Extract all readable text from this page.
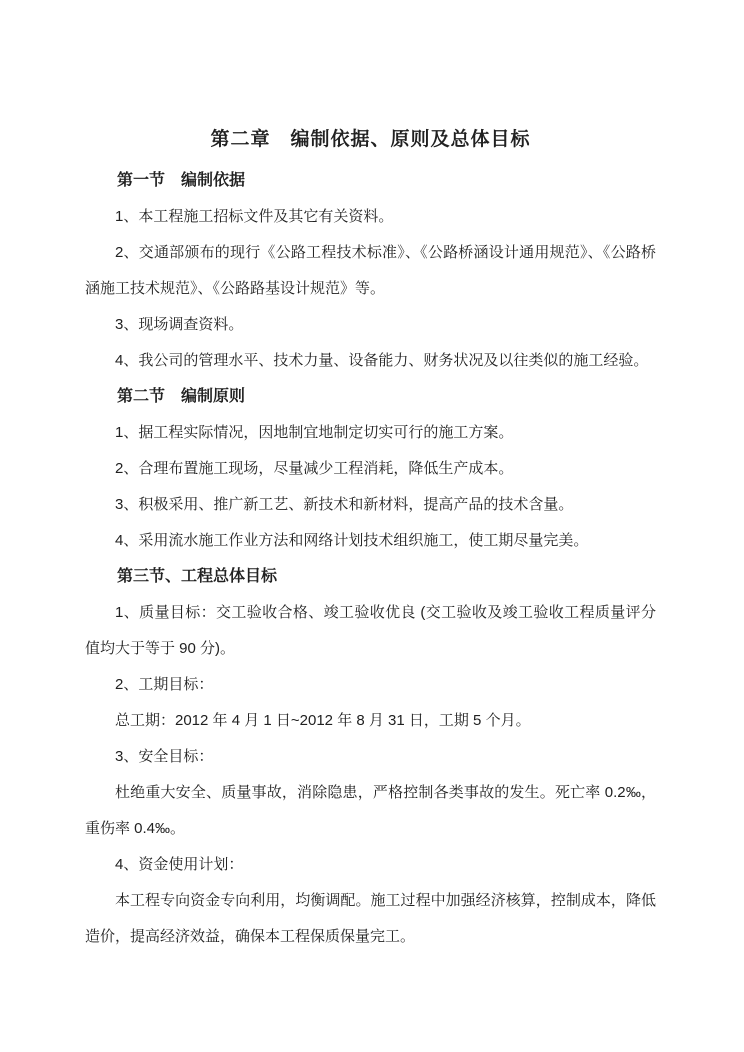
第二章　编制依据、原则及总体目标
第一节　编制依据

1、本工程施工招标文件及其它有关资料。

2、交通部颁布的现行《公路工程技术标准》、《公路桥涵设计通用规范》、《公路桥涵施工技术规范》、《公路路基设计规范》等。

3、现场调查资料。

4、我公司的管理水平、技术力量、设备能力、财务状况及以往类似的施工经验。

第二节　编制原则

1、据工程实际情况，因地制宜地制定切实可行的施工方案。

2、合理布置施工现场，尽量减少工程消耗，降低生产成本。

3、积极采用、推广新工艺、新技术和新材料，提高产品的技术含量。

4、采用流水施工作业方法和网络计划技术组织施工，使工期尽量完美。

第三节、工程总体目标

1、质量目标：交工验收合格、竣工验收优良 (交工验收及竣工验收工程质量评分值均大于等于 90 分)。

2、工期目标：

总工期：2012 年 4 月 1 日~2012 年 8 月 31 日，工期 5 个月。

3、安全目标：

杜绝重大安全、质量事故，消除隐患，严格控制各类事故的发生。死亡率 0.2‰，重伤率 0.4‰。

4、资金使用计划：

本工程专向资金专向利用，均衡调配。施工过程中加强经济核算，控制成本，降低造价，提高经济效益，确保本工程保质保量完工。
